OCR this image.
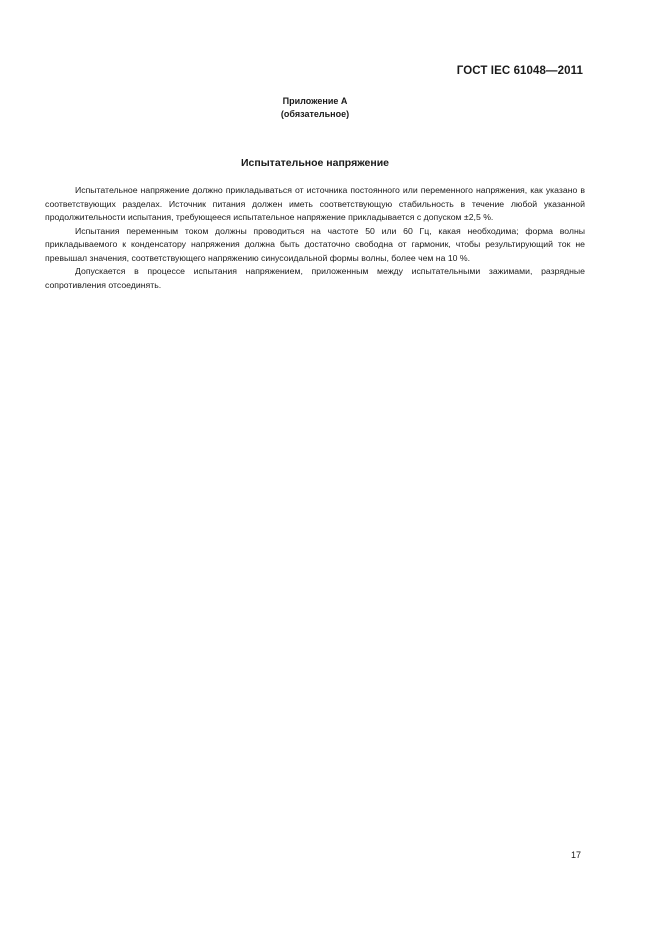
ГОСТ IEC 61048—2011
Приложение А
(обязательное)
Испытательное напряжение

Испытательное напряжение должно прикладываться от источника постоянного или переменного напряжения, как указано в соответствующих разделах. Источник питания должен иметь соответствующую стабильность в течение любой указанной продолжительности испытания, требующееся испытательное напряжение прикладывается с допуском ±2,5 %.

Испытания переменным током должны проводиться на частоте 50 или 60 Гц, какая необходима; форма волны прикладываемого к конденсатору напряжения должна быть достаточно свободна от гармоник, чтобы результирующий ток не превышал значения, соответствующего напряжению синусоидальной формы волны, более чем на 10 %.

Допускается в процессе испытания напряжением, приложенным между испытательными зажимами, разрядные сопротивления отсоединять.

17
